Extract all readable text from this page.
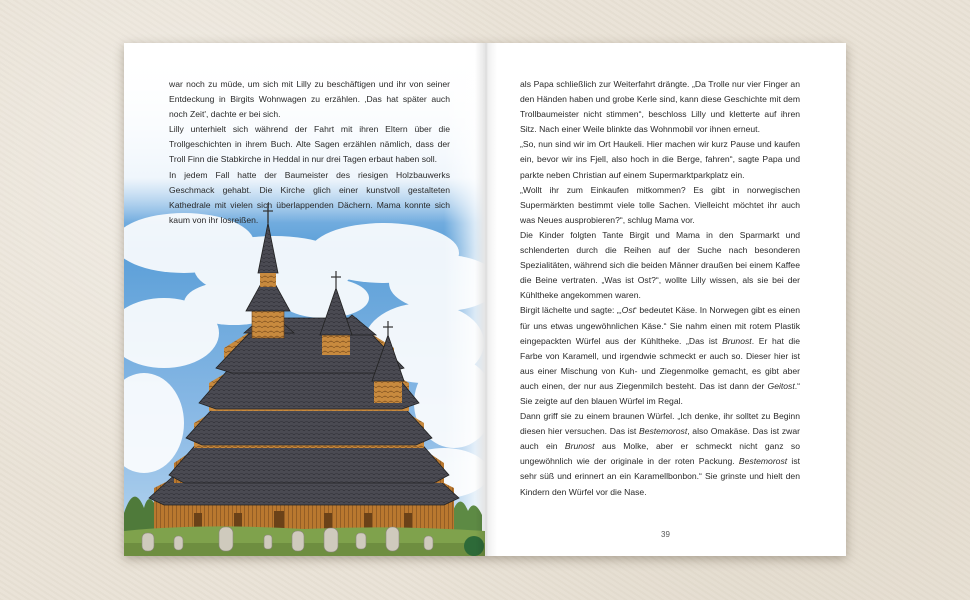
war noch zu müde, um sich mit Lilly zu beschäftigen und ihr von seiner Entdeckung in Birgits Wohnwagen zu erzählen. ‚Das hat später auch noch Zeit', dachte er bei sich.

Lilly unterhielt sich während der Fahrt mit ihren Eltern über die Trollgeschichten in ihrem Buch. Alte Sagen erzählen nämlich, dass der Troll Finn die Stabkirche in Heddal in nur drei Tagen erbaut haben soll.

In jedem Fall hatte der Baumeister des riesigen Holzbauwerks Geschmack gehabt. Die Kirche glich einer kunstvoll gestalteten Kathedrale mit vielen sich überlappenden Dächern. Mama konnte sich kaum von ihr losreißen.

als Papa schließlich zur Weiterfahrt drängte. „Da Trolle nur vier Finger an den Händen haben und grobe Kerle sind, kann diese Geschichte mit dem Trollbaumeister nicht stimmen“, beschloss Lilly und kletterte auf ihren Sitz. Nach einer Weile blinkte das Wohnmobil vor ihnen erneut.

„So, nun sind wir im Ort Haukeli. Hier machen wir kurz Pause und kaufen ein, bevor wir ins Fjell, also hoch in die Berge, fahren“, sagte Papa und parkte neben Christian auf einem Supermarktparkplatz ein.

„Wollt ihr zum Einkaufen mitkommen? Es gibt in norwegischen Supermärkten bestimmt viele tolle Sachen. Vielleicht möchtet ihr auch was Neues ausprobieren?“, schlug Mama vor.

Die Kinder folgten Tante Birgit und Mama in den Sparmarkt und schlenderten durch die Reihen auf der Suche nach besonderen Spezialitäten, während sich die beiden Männer draußen bei einem Kaffee die Beine vertraten. „Was ist Ost?“, wollte Lilly wissen, als sie bei der Kühltheke angekommen waren.

Birgit lächelte und sagte: „‚Ost‘ bedeutet Käse. In Norwegen gibt es einen für uns etwas ungewöhnlichen Käse.“ Sie nahm einen mit rotem Plastik eingepackten Würfel aus der Kühltheke. „Das ist Brunost. Er hat die Farbe von Karamell, und irgendwie schmeckt er auch so. Dieser hier ist aus einer Mischung von Kuh- und Ziegenmolke gemacht, es gibt aber auch einen, der nur aus Ziegenmilch besteht. Das ist dann der Geitost.“ Sie zeigte auf den blauen Würfel im Regal.

Dann griff sie zu einem braunen Würfel. „Ich denke, ihr solltet zu Beginn diesen hier versuchen. Das ist Bestemorost, also Omakäse. Das ist zwar auch ein Brunost aus Molke, aber er schmeckt nicht ganz so ungewöhnlich wie der originale in der roten Packung. Bestemorost ist sehr süß und erinnert an ein Karamellbonbon.“ Sie grinste und hielt den Kindern den Würfel vor die Nase.

39
